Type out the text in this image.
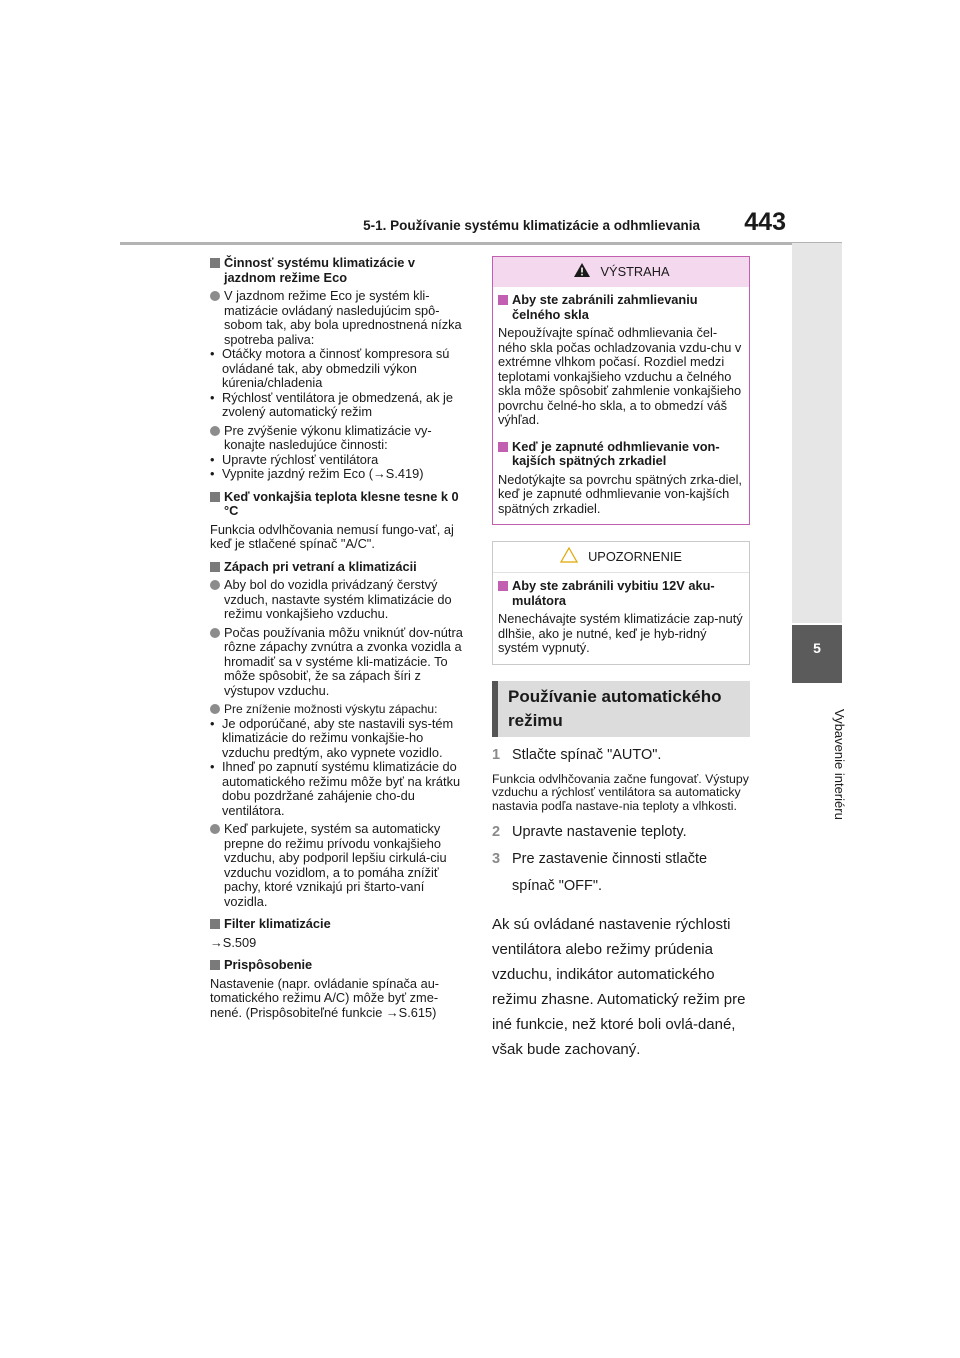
5-1. Používanie systému klimatizácie a odhmlievania	443
5
Vybavenie interiéru
Činnosť systému klimatizácie v jazdnom režime Eco
V jazdnom režime Eco je systém kli-matizácie ovládaný nasledujúcim spô-sobom tak, aby bola uprednostnená nízka spotreba paliva:
• Otáčky motora a činnosť kompresora sú ovládané tak, aby obmedzili výkon kúrenia/chladenia
• Rýchlosť ventilátora je obmedzená, ak je zvolený automatický režim
Pre zvýšenie výkonu klimatizácie vy-konajte nasledujúce činnosti:
• Upravte rýchlosť ventilátora
• Vypnite jazdný režim Eco (→S.419)
Keď vonkajšia teplota klesne tesne k 0 °C
Funkcia odvlhčovania nemusí fungo-vať, aj keď je stlačené spínač "A/C".
Zápach pri vetraní a klimatizácii
Aby bol do vozidla privádzaný čerstvý vzduch, nastavte systém klimatizácie do režimu vonkajšieho vzduchu.
Počas používania môžu vniknúť dov-nútra rôzne zápachy zvnútra a zvonka vozidla a hromadiť sa v systéme kli-matizácie. To môže spôsobiť, že sa zápach šíri z výstupov vzduchu.
Pre zníženie možnosti výskytu zápachu:
• Je odporúčané, aby ste nastavili sys-tém klimatizácie do režimu vonkajšie-ho vzduchu predtým, ako vypnete vozidlo.
• Ihneď po zapnutí systému klimatizácie do automatického režimu môže byť na krátku dobu pozdržané zahájenie cho-du ventilátora.
Keď parkujete, systém sa automaticky prepne do režimu prívodu vonkajšieho vzduchu, aby podporil lepšiu cirkulá-ciu vzduchu vozidlom, a to pomáha znížiť pachy, ktoré vznikajú pri štarto-vaní vozidla.
Filter klimatizácie
→S.509
Prispôsobenie
Nastavenie (napr. ovládanie spínača au-tomatického režimu A/C) môže byť zme-nené. (Prispôsobiteľné funkcie →S.615)
VÝSTRAHA
Aby ste zabránili zahmlievaniu čelného skla
Nepoužívajte spínač odhmlievania čel-ného skla počas ochladzovania vzdu-chu v extrémne vlhkom počasí. Rozdiel medzi teplotami vonkajšieho vzduchu a čelného skla môže spôsobiť zahmlenie vonkajšieho povrchu čelné-ho skla, a to obmedzí váš výhľad.
Keď je zapnuté odhmlievanie von-kajších spätných zrkadiel
Nedotýkajte sa povrchu spätných zrka-diel, keď je zapnuté odhmlievanie von-kajších spätných zrkadiel.
UPOZORNENIE
Aby ste zabránili vybitiu 12V aku-mulátora
Nenechávajte systém klimatizácie zap-nutý dlhšie, ako je nutné, keď je hyb-ridný systém vypnutý.
Používanie automatického režimu
1 Stlačte spínač "AUTO".
Funkcia odvlhčovania začne fungovať. Výstupy vzduchu a rýchlosť ventilátora sa automaticky nastavia podľa nastave-nia teploty a vlhkosti.
2 Upravte nastavenie teploty.
3 Pre zastavenie činnosti stlačte spínač "OFF".
Ak sú ovládané nastavenie rýchlosti ventilátora alebo režimy prúdenia vzduchu, indikátor automatického režimu zhasne. Automatický režim pre iné funkcie, než ktoré boli ovlá-dané, však bude zachovaný.
